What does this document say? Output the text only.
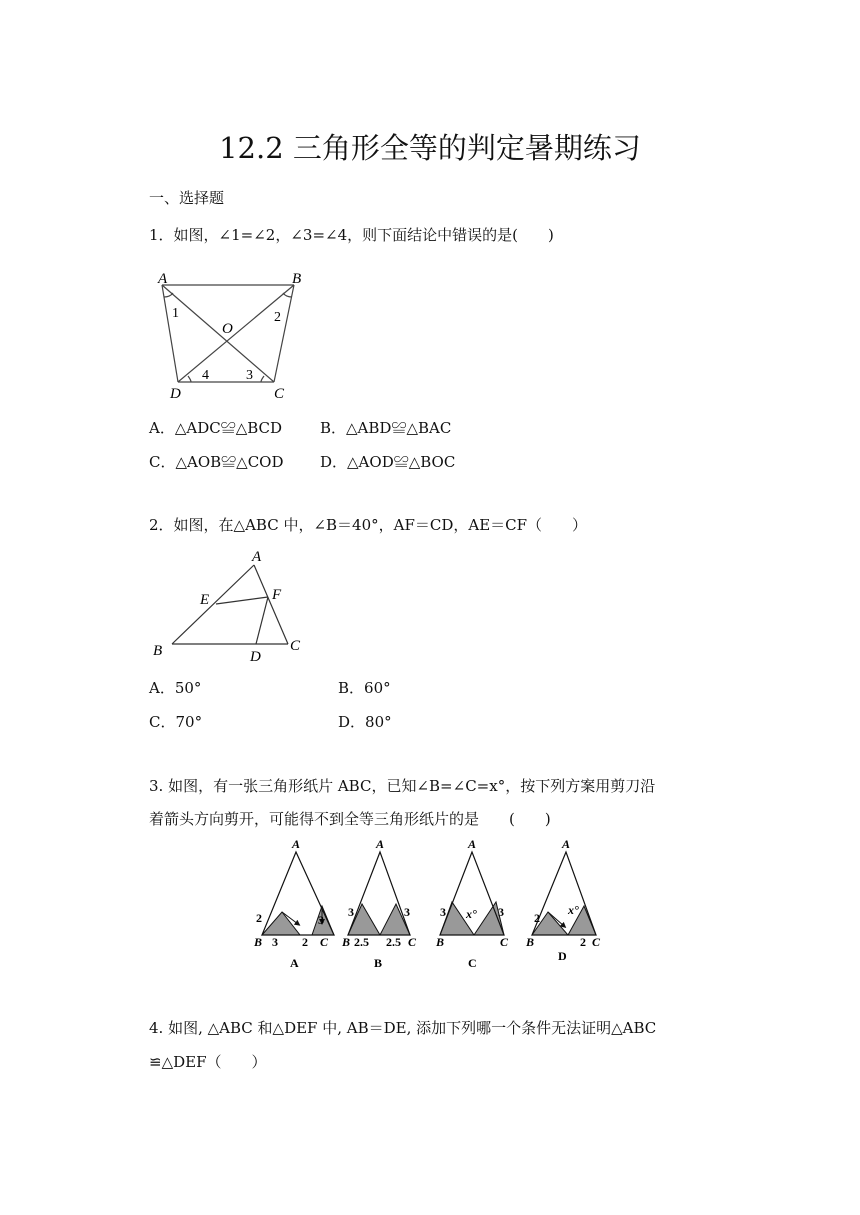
12.2 三角形全等的判定暑期练习
一、选择题
1．如图，∠1=∠2，∠3=∠4，则下面结论中错误的是(　　)
A	B
O
D	C
1	2
3
4
A．△ADC≌△BCD	B．△ABD≌△BAC
C．△AOB≌△COD D．△AOD≌△BOC
2．如图，在△ABC 中，∠B＝40°，AF＝CD，AE＝CF（　　）
A
E	F
B	D
C
A．50°	B．60°
C．70°	D．80°
3. 如图，有一张三角形纸片 ABC，已知∠B=∠C=x°，按下列方案用剪刀沿
着箭头方向剪开，可能得不到全等三角形纸片的是　　(　　)
A
B	C
2
3
3
2
A
A
B	C
3	3
2.5 2.5
B
A
B	C
3	3
x°
C
A
B	C
2
2
x°
D
4. 如图, △ABC 和△DEF 中, AB＝DE, 添加下列哪一个条件无法证明△ABC
≌△DEF（　　）
